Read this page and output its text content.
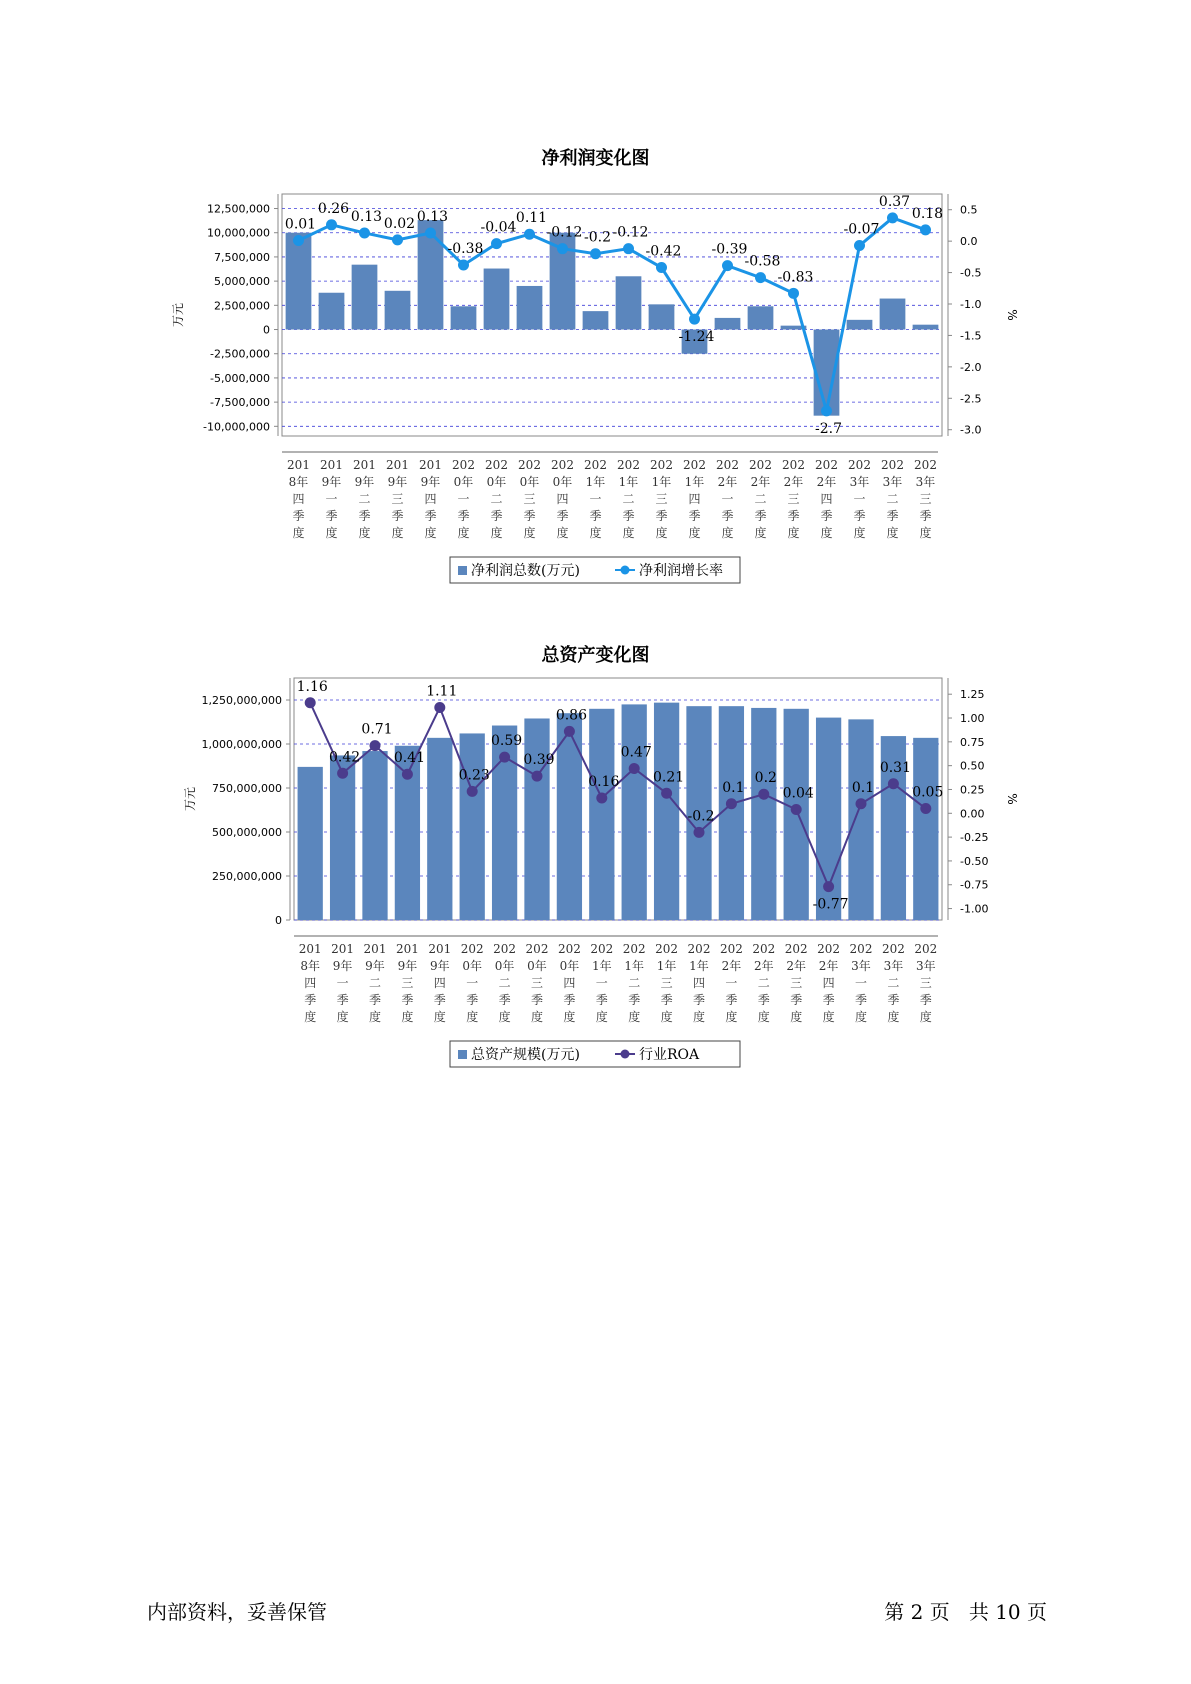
净利润变化图
12,500,000
10,000,000
7,500,000
5,000,000
2,500,000
0
-2,500,000
-5,000,000
-7,500,000
-10,000,000
万元
0.5
0.0
-0.5
-1.0
-1.5
-2.0
-2.5
-3.0
%
0.01
0.26
0.13 0.02 0.13
-0.38
-0.04
0.11
-0.12 -0.2 -0.12
-0.42
-1.24
-0.39
-0.58
-0.83
-2.7
-0.07
0.37
0.18
201
8年
四
季
度
201
9年
一
季
度
201
9年
二
季
度
201
9年
三
季
度
201
9年
四
季
度
202
0年
一
季
度
202
0年
二
季
度
202
0年
三
季
度
202
0年
四
季
度
202
1年
一
季
度
202
1年
二
季
度
202
1年
三
季
度
202
1年
四
季
度
202
2年
一
季
度
202
2年
二
季
度
202
2年
三
季
度
202
2年
四
季
度
202
3年
一
季
度
202
3年
二
季
度
202
3年
三
季
度
净利润总数(万元)	净利润增长率
总资产变化图
1,250,000,000
1,000,000,000
750,000,000
500,000,000
250,000,000
0
万元
1.25
1.00
0.75
0.50
0.25
0.00
-0.25
-0.50
-0.75
-1.00
%
1.16
0.42
0.71
0.41
1.11
0.23
0.59
0.39
0.86
0.16
0.47
0.21
-0.2
0.1
0.2
0.04
-0.77
0.1
0.31
0.05
201
8年
四
季
度
201
9年
一
季
度
201
9年
二
季
度
201
9年
三
季
度
201
9年
四
季
度
202
0年
一
季
度
202
0年
二
季
度
202
0年
三
季
度
202
0年
四
季
度
202
1年
一
季
度
202
1年
二
季
度
202
1年
三
季
度
202
1年
四
季
度
202
2年
一
季
度
202
2年
二
季
度
202
2年
三
季
度
202
2年
四
季
度
202
3年
一
季
度
202
3年
二
季
度
202
3年
三
季
度
总资产规模(万元)	行业ROA
内部资料，妥善保管	第 2 页 共 10 页
